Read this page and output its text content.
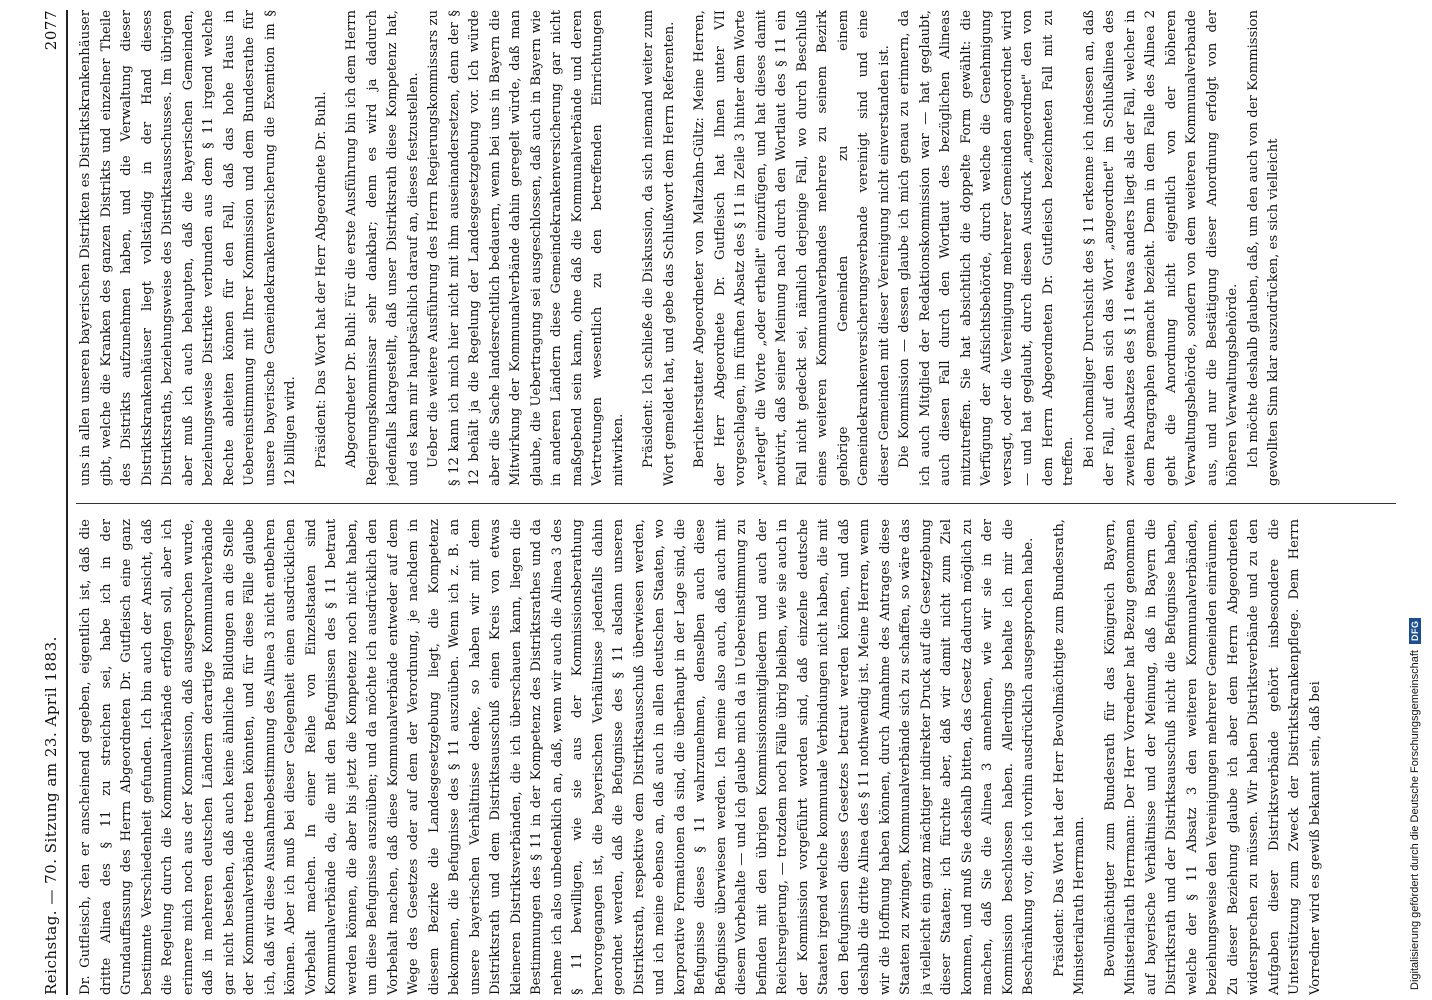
Reichstag. — 70. Sitzung am 23. April 1883.
2077

Dr. Gutfleisch, den er anscheinend gegeben, eigentlich ist, daß die dritte Alinea des § 11 zu streichen sei, habe ich in der Grundauffassung des Herrn Abgeordneten Dr. Gutfleisch eine ganz bestimmte Verschiedenheit gefunden. Ich bin auch der Ansicht, daß die Regelung durch die Kommunalverbände erfolgen soll, aber ich erinnere mich noch aus der Kommission, daß ausgesprochen wurde, daß in mehreren deutschen Ländern derartige Kommunalverbände gar nicht bestehen, daß auch keine ähnliche Bildungen an die Stelle der Kommunalverbände treten könnten, und für diese Fälle glaube ich, daß wir diese Ausnahmebestimmung des Alinea 3 nicht entbehren können. Aber ich muß bei dieser Gelegenheit einen ausdrücklichen Vorbehalt machen. In einer Reihe von Einzelstaaten sind Kommunalverbände da, die mit den Befugnissen des § 11 betraut werden können, die aber bis jetzt die Kompetenz noch nicht haben, um diese Befugnisse auszuüben; und da möchte ich ausdrücklich den Vorbehalt machen, daß diese Kommunalverbände entweder auf dem Wege des Gesetzes oder auf dem der Verordnung, je nachdem in diesem Bezirke die Landesgesetzgebung liegt, die Kompetenz bekommen, die Befugnisse des § 11 auszuüben. Wenn ich z. B. an unsere bayerischen Verhältnisse denke, so haben wir mit dem Distriktsrath und dem Distriktsausschuß einen Kreis von etwas kleineren Distriktsverbänden, die ich überschauen kann, liegen die Bestimmungen des § 11 in der Kompetenz des Distriktsrathes und da nehme ich also unbedenklich an, daß, wenn wir auch die Alinea 3 des § 11 bewilligen, wie sie aus der Kommissionsberathung hervorgegangen ist, die bayerischen Verhältnisse jedenfalls dahin geordnet werden, daß die Befugnisse des § 11 alsdann unseren Distriktsrath, respektive dem Distriktsausschuß überwiesen werden, und ich meine ebenso an, daß auch in allen deutschen Staaten, wo korporative Formationen da sind, die überhaupt in der Lage sind, die Befugnisse dieses § 11 wahrzunehmen, denselben auch diese Befugnisse überwiesen werden. Ich meine also auch, daß auch mit diesem Vorbehalte — und ich glaube mich da in Uebereinstimmung zu befinden mit den übrigen Kommissionsmitgliedern und auch der Reichsregierung, — trotzdem noch Fälle übrig bleiben, wie sie auch in der Kommission vorgeführt worden sind, daß einzelne deutsche Staaten irgend welche kommunale Verbindungen nicht haben, die mit den Befugnissen dieses Gesetzes betraut werden können, und daß deshalb die dritte Alinea des § 11 nothwendig ist. Meine Herren, wenn wir die Hoffnung haben können, durch Annahme des Antrages diese Staaten zu zwingen, Kommunalverbände sich zu schaffen, so wäre das ja vielleicht ein ganz mächtiger indirekter Druck auf die Gesetzgebung dieser Staaten; ich fürchte aber, daß wir damit nicht zum Ziel kommen, und muß Sie deshalb bitten, das Gesetz dadurch möglich zu machen, daß Sie die Alinea 3 annehmen, wie wir sie in der Kommission beschlossen haben. Allerdings behalte ich mir die Beschränkung vor, die ich vorhin ausdrücklich ausgesprochen habe. Präsident: Das Wort hat der Herr Bevollmächtigte zum Bundesrath, Ministerialrath Herrmann. Bevollmächtigter zum Bundesrath für das Königreich Bayern, Ministerialrath Herrmann: Der Herr Vorredner hat Bezug genommen auf bayerische Verhältnisse und der Meinung, daß in Bayern die Distriktsrath und der Distriktsausschuß nicht die Befugnisse haben, welche der § 11 Absatz 3 den weiteren Kommunalverbänden, beziehungsweise den Vereinigungen mehrerer Gemeinden einräumen. Zu dieser Beziehung glaube ich aber dem Herrn Abgeordneten widersprechen zu müssen. Wir haben Distriktsverbände und zu den Aufgaben dieser Distriktsverbände gehört insbesondere die Unterstützung zum Zweck der Distriktskrankenpflege. Dem Herrn Vorredner wird es gewiß bekannt sein, daß bei

uns in allen unseren bayerischen Distrikten es Distriktskrankenhäuser gibt, welche die Kranken des ganzen Distrikts und einzelner Theile des Distrikts aufzunehmen haben, und die Verwaltung dieser Distriktskrankenhäuser liegt vollständig in der Hand dieses Distriktsraths, beziehungsweise des Distriktsausschusses. Im übrigen aber muß ich auch behaupten, daß die bayerischen Gemeinden, beziehungsweise Distrikte verbunden aus dem § 11 irgend welche Rechte ableiten können für den Fall, daß das hohe Haus in Uebereinstimmung mit Ihrer Kommission und dem Bundesrathe für unsere bayerische Gemeindekrankenversicherung die Exemtion im § 12 billigen wird. Präsident: Das Wort hat der Herr Abgeordnete Dr. Buhl. Abgeordneter Dr. Buhl: Für die erste Ausführung bin ich dem Herrn Regierungskommissar sehr dankbar; denn es wird ja dadurch jedenfalls klargestellt, daß unser Distriktsrath diese Kompetenz hat, und es kam mir hauptsächlich darauf an, dieses festzustellen. Ueber die weitere Ausführung des Herrn Regierungskommissars zu § 12 kann ich mich hier nicht mit ihm auseinandersetzen, denn der § 12 behält ja die Regelung der Landesgesetzgebung vor. Ich würde aber die Sache landesrechtlich bedauern, wenn bei uns in Bayern die Mitwirkung der Kommunalverbände dahin geregelt würde, daß man glaube, die Uebertragung sei ausgeschlossen, daß auch in Bayern wie in anderen Ländern diese Gemeindekrankenversicherung gar nicht maßgebend sein kann, ohne daß die Kommunalverbände und deren Vertretungen wesentlich zu den betreffenden Einrichtungen mitwirken. Präsident: Ich schließe die Diskussion, da sich niemand weiter zum Wort gemeldet hat, und gebe das Schlußwort dem Herrn Referenten. Berichterstatter Abgeordneter von Maltzahn-Gültz: Meine Herren, der Herr Abgeordnete Dr. Gutfleisch hat Ihnen unter VII vorgeschlagen, im fünften Absatz des § 11 in Zeile 3 hinter dem Worte „verlegt" die Worte „oder ertheilt" einzufügen, und hat dieses damit motivirt, daß seiner Meinung nach durch den Wortlaut des § 11 ein Fall nicht gedeckt sei, nämlich derjenige Fall, wo durch Beschluß eines weiteren Kommunalverbandes mehrere zu seinem Bezirk gehörige Gemeinden zu einem Gemeindekrankenversicherungsverbande vereinigt sind und eine dieser Gemeinden mit dieser Vereinigung nicht einverstanden ist. Die Kommission — dessen glaube ich mich genau zu erinnern, da ich auch Mitglied der Redaktionskommission war — hat geglaubt, auch diesen Fall durch den Wortlaut des bezüglichen Alineas mitzutreffen. Sie hat absichtlich die doppelte Form gewählt: die Verfügung der Aufsichtsbehörde, durch welche die Genehmigung versagt, oder die Vereinigung mehrerer Gemeinden angeordnet wird — und hat geglaubt, durch diesen Ausdruck „angeordnet" den von dem Herrn Abgeordneten Dr. Gutfleisch bezeichneten Fall mit zu treffen. Bei nochmaliger Durchsicht des § 11 erkenne ich indessen an, daß der Fall, auf den sich das Wort „angeordnet" im Schlußalinea des zweiten Absatzes des § 11 etwas anders liegt als der Fall, welcher in dem Paragraphen gemacht bezieht. Denn in dem Falle des Alinea 2 geht die Anordnung nicht eigentlich von der höheren Verwaltungsbehörde, sondern von dem weiteren Kommunalverbande aus, und nur die Bestätigung dieser Anordnung erfolgt von der höheren Verwaltungsbehörde. Ich möchte deshalb glauben, daß, um den auch von der Kommission gewollten Sinn klar auszudrücken, es sich vielleicht

Digitalisierung gefördert durch die Deutsche Forschungsgemeinschaft
DFG
